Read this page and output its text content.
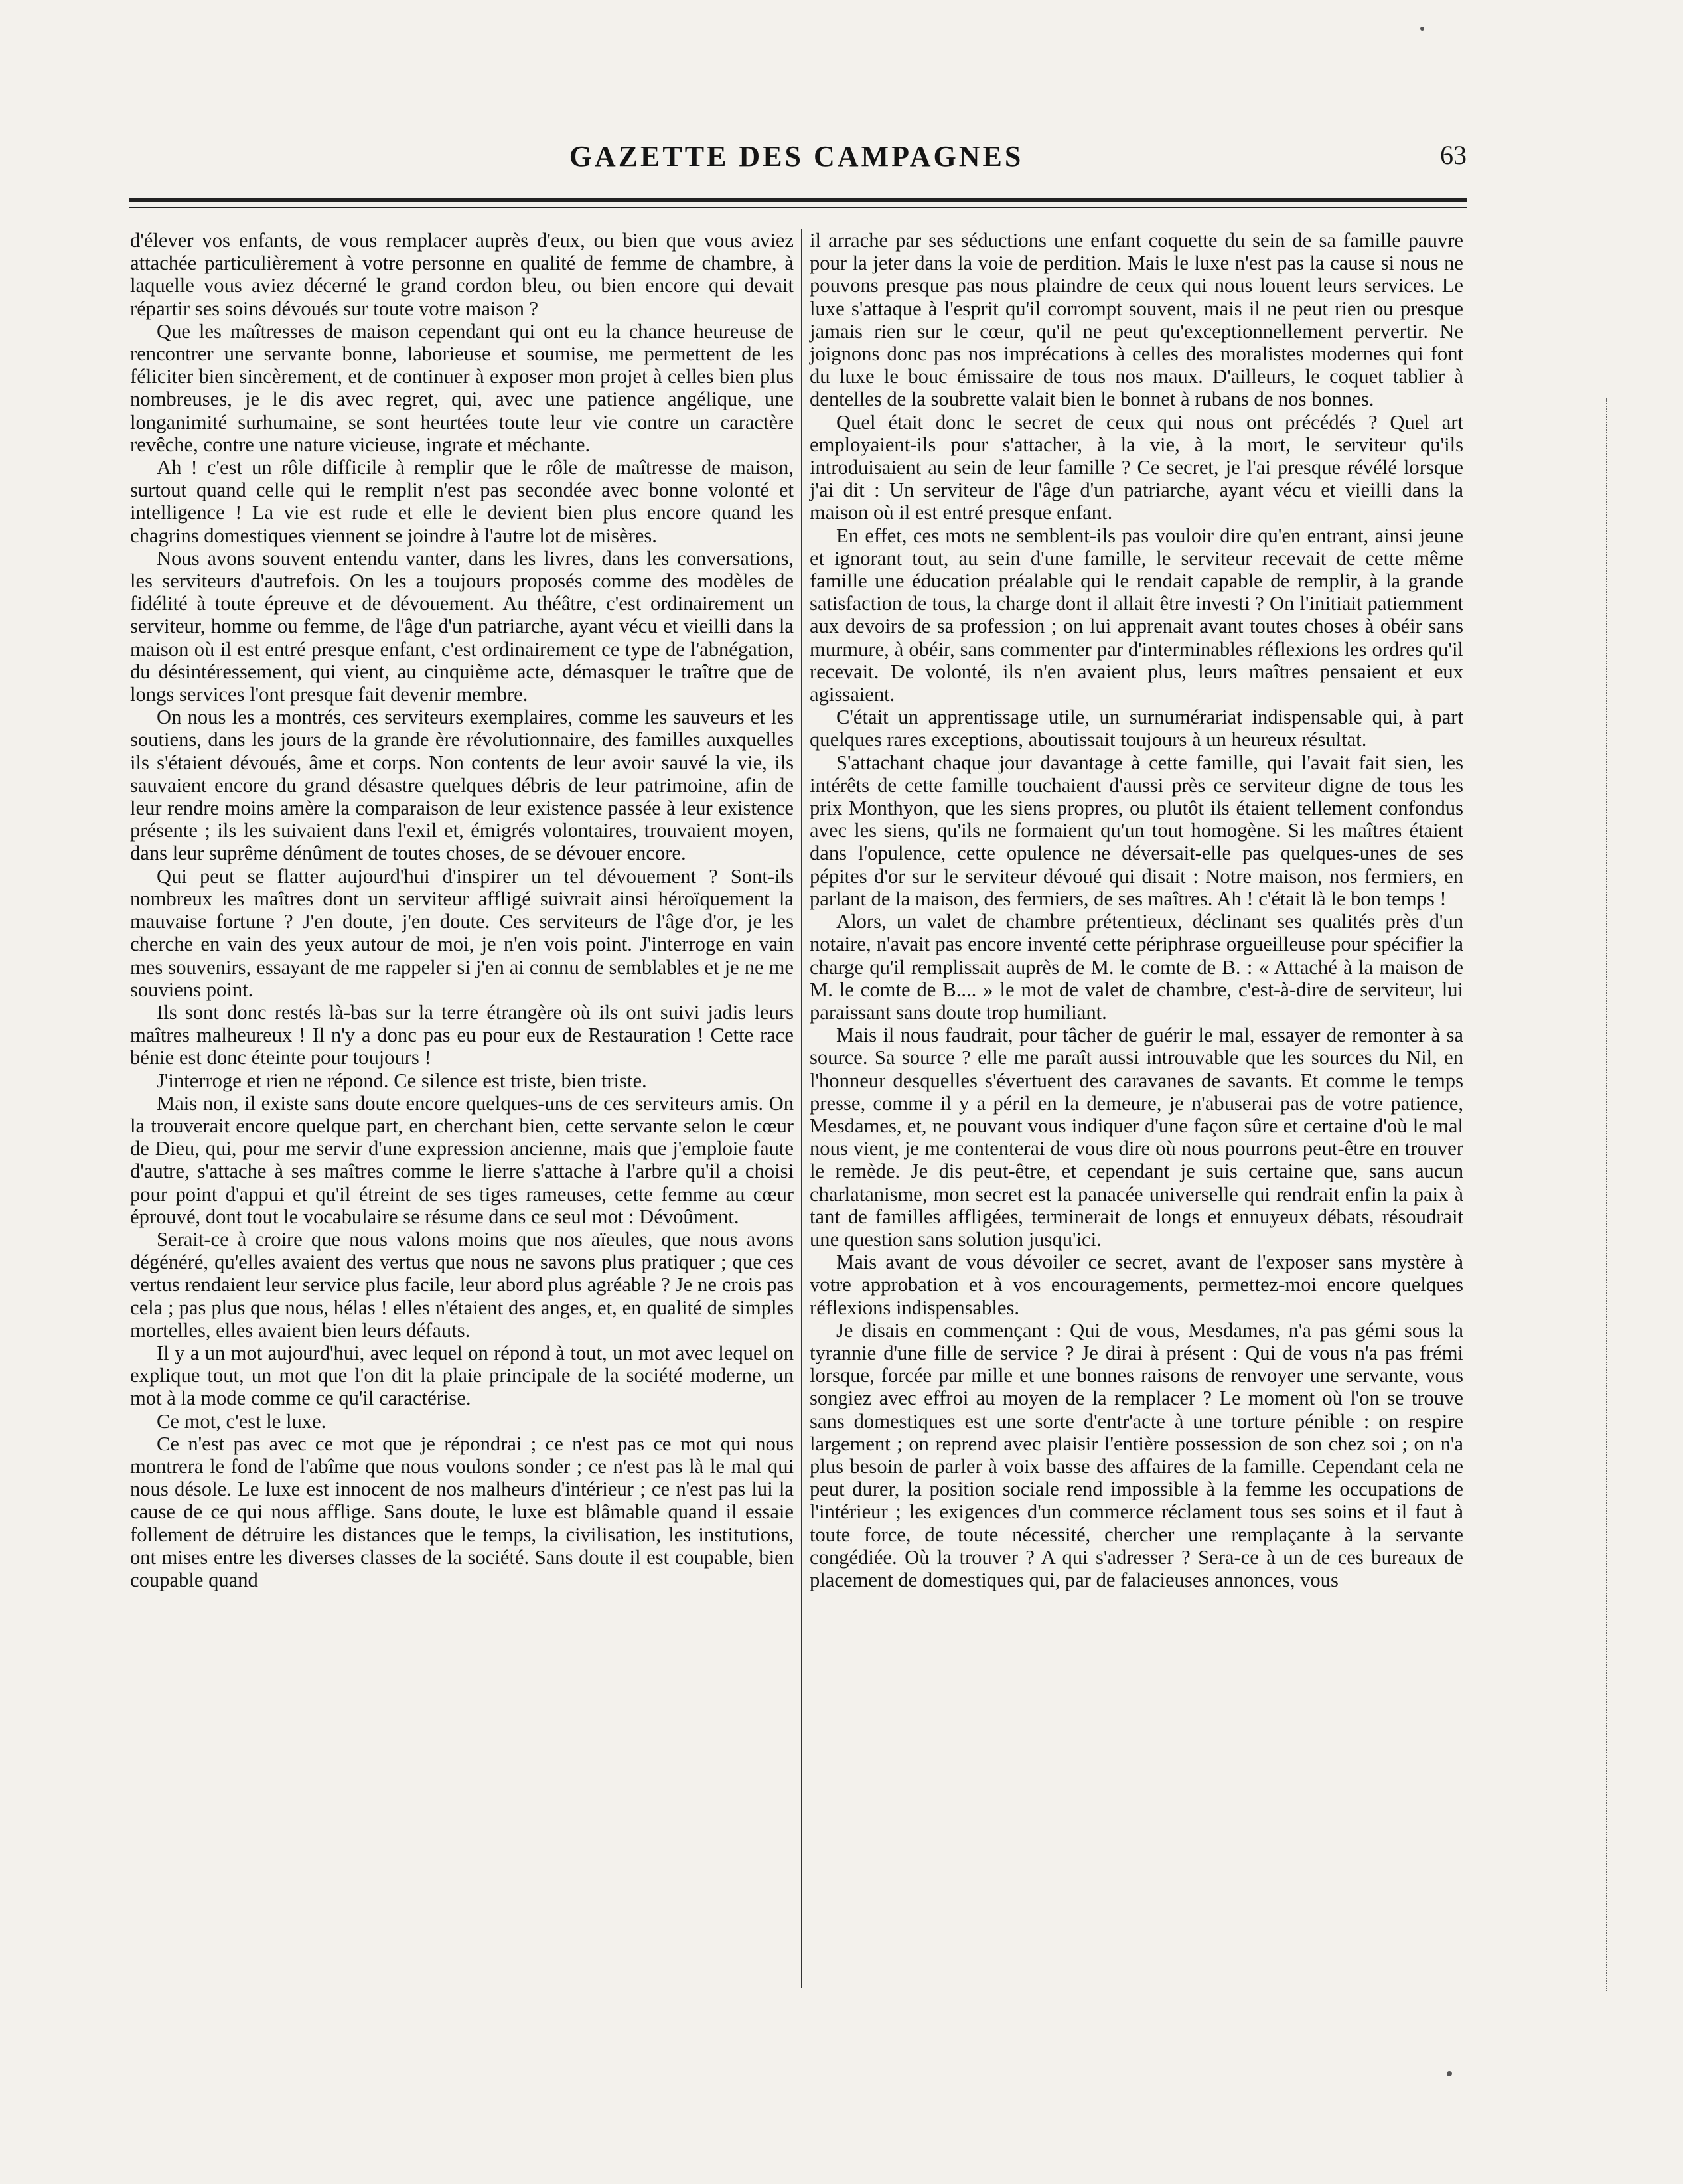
GAZETTE DES CAMPAGNES	63

d'élever vos enfants, de vous remplacer auprès d'eux, ou bien que vous aviez attachée particulièrement à votre personne en qualité de femme de chambre, à laquelle vous aviez décerné le grand cordon bleu, ou bien encore qui devait répartir ses soins dévoués sur toute votre maison ?

Que les maîtresses de maison cependant qui ont eu la chance heureuse de rencontrer une servante bonne, laborieuse et soumise, me permettent de les féliciter bien sincèrement, et de continuer à exposer mon projet à celles bien plus nombreuses, je le dis avec regret, qui, avec une patience angélique, une longanimité surhumaine, se sont heurtées toute leur vie contre un caractère revêche, contre une nature vicieuse, ingrate et méchante.

Ah ! c'est un rôle difficile à remplir que le rôle de maîtresse de maison, surtout quand celle qui le remplit n'est pas secondée avec bonne volonté et intelligence ! La vie est rude et elle le devient bien plus encore quand les chagrins domestiques viennent se joindre à l'autre lot de misères.

Nous avons souvent entendu vanter, dans les livres, dans les conversations, les serviteurs d'autrefois. On les a toujours proposés comme des modèles de fidélité à toute épreuve et de dévouement. Au théâtre, c'est ordinairement un serviteur, homme ou femme, de l'âge d'un patriarche, ayant vécu et vieilli dans la maison où il est entré presque enfant, c'est ordinairement ce type de l'abnégation, du désintéressement, qui vient, au cinquième acte, démasquer le traître que de longs services l'ont presque fait devenir membre.

On nous les a montrés, ces serviteurs exemplaires, comme les sauveurs et les soutiens, dans les jours de la grande ère révolutionnaire, des familles auxquelles ils s'étaient dévoués, âme et corps. Non contents de leur avoir sauvé la vie, ils sauvaient encore du grand désastre quelques débris de leur patrimoine, afin de leur rendre moins amère la comparaison de leur existence passée à leur existence présente ; ils les suivaient dans l'exil et, émigrés volontaires, trouvaient moyen, dans leur suprême dénûment de toutes choses, de se dévouer encore.

Qui peut se flatter aujourd'hui d'inspirer un tel dévouement ? Sont-ils nombreux les maîtres dont un serviteur affligé suivrait ainsi héroïquement la mauvaise fortune ? J'en doute, j'en doute. Ces serviteurs de l'âge d'or, je les cherche en vain des yeux autour de moi, je n'en vois point. J'interroge en vain mes souvenirs, essayant de me rappeler si j'en ai connu de semblables et je ne me souviens point.

Ils sont donc restés là-bas sur la terre étrangère où ils ont suivi jadis leurs maîtres malheureux ! Il n'y a donc pas eu pour eux de Restauration ! Cette race bénie est donc éteinte pour toujours !

J'interroge et rien ne répond. Ce silence est triste, bien triste.

Mais non, il existe sans doute encore quelques-uns de ces serviteurs amis. On la trouverait encore quelque part, en cherchant bien, cette servante selon le cœur de Dieu, qui, pour me servir d'une expression ancienne, mais que j'emploie faute d'autre, s'attache à ses maîtres comme le lierre s'attache à l'arbre qu'il a choisi pour point d'appui et qu'il étreint de ses tiges rameuses, cette femme au cœur éprouvé, dont tout le vocabulaire se résume dans ce seul mot : Dévoûment.

Serait-ce à croire que nous valons moins que nos aïeules, que nous avons dégénéré, qu'elles avaient des vertus que nous ne savons plus pratiquer ; que ces vertus rendaient leur service plus facile, leur abord plus agréable ? Je ne crois pas cela ; pas plus que nous, hélas ! elles n'étaient des anges, et, en qualité de simples mortelles, elles avaient bien leurs défauts.

Il y a un mot aujourd'hui, avec lequel on répond à tout, un mot avec lequel on explique tout, un mot que l'on dit la plaie principale de la société moderne, un mot à la mode comme ce qu'il caractérise.

Ce mot, c'est le luxe.

Ce n'est pas avec ce mot que je répondrai ; ce n'est pas ce mot qui nous montrera le fond de l'abîme que nous voulons sonder ; ce n'est pas là le mal qui nous désole. Le luxe est innocent de nos malheurs d'intérieur ; ce n'est pas lui la cause de ce qui nous afflige. Sans doute, le luxe est blâmable quand il essaie follement de détruire les distances que le temps, la civilisation, les institutions, ont mises entre les diverses classes de la société. Sans doute il est coupable, bien coupable quand

il arrache par ses séductions une enfant coquette du sein de sa famille pauvre pour la jeter dans la voie de perdition. Mais le luxe n'est pas la cause si nous ne pouvons presque pas nous plaindre de ceux qui nous louent leurs services. Le luxe s'attaque à l'esprit qu'il corrompt souvent, mais il ne peut rien ou presque jamais rien sur le cœur, qu'il ne peut qu'exceptionnellement pervertir. Ne joignons donc pas nos imprécations à celles des moralistes modernes qui font du luxe le bouc émissaire de tous nos maux. D'ailleurs, le coquet tablier à dentelles de la soubrette valait bien le bonnet à rubans de nos bonnes.

Quel était donc le secret de ceux qui nous ont précédés ? Quel art employaient-ils pour s'attacher, à la vie, à la mort, le serviteur qu'ils introduisaient au sein de leur famille ? Ce secret, je l'ai presque révélé lorsque j'ai dit : Un serviteur de l'âge d'un patriarche, ayant vécu et vieilli dans la maison où il est entré presque enfant.

En effet, ces mots ne semblent-ils pas vouloir dire qu'en entrant, ainsi jeune et ignorant tout, au sein d'une famille, le serviteur recevait de cette même famille une éducation préalable qui le rendait capable de remplir, à la grande satisfaction de tous, la charge dont il allait être investi ? On l'initiait patiemment aux devoirs de sa profession ; on lui apprenait avant toutes choses à obéir sans murmure, à obéir, sans commenter par d'interminables réflexions les ordres qu'il recevait. De volonté, ils n'en avaient plus, leurs maîtres pensaient et eux agissaient.

C'était un apprentissage utile, un surnumérariat indispensable qui, à part quelques rares exceptions, aboutissait toujours à un heureux résultat.

S'attachant chaque jour davantage à cette famille, qui l'avait fait sien, les intérêts de cette famille touchaient d'aussi près ce serviteur digne de tous les prix Monthyon, que les siens propres, ou plutôt ils étaient tellement confondus avec les siens, qu'ils ne formaient qu'un tout homogène. Si les maîtres étaient dans l'opulence, cette opulence ne déversait-elle pas quelques-unes de ses pépites d'or sur le serviteur dévoué qui disait : Notre maison, nos fermiers, en parlant de la maison, des fermiers, de ses maîtres. Ah ! c'était là le bon temps !

Alors, un valet de chambre prétentieux, déclinant ses qualités près d'un notaire, n'avait pas encore inventé cette périphrase orgueilleuse pour spécifier la charge qu'il remplissait auprès de M. le comte de B. : « Attaché à la maison de M. le comte de B.... » le mot de valet de chambre, c'est-à-dire de serviteur, lui paraissant sans doute trop humiliant.

Mais il nous faudrait, pour tâcher de guérir le mal, essayer de remonter à sa source. Sa source ? elle me paraît aussi introuvable que les sources du Nil, en l'honneur desquelles s'évertuent des caravanes de savants. Et comme le temps presse, comme il y a péril en la demeure, je n'abuserai pas de votre patience, Mesdames, et, ne pouvant vous indiquer d'une façon sûre et certaine d'où le mal nous vient, je me contenterai de vous dire où nous pourrons peut-être en trouver le remède. Je dis peut-être, et cependant je suis certaine que, sans aucun charlatanisme, mon secret est la panacée universelle qui rendrait enfin la paix à tant de familles affligées, terminerait de longs et ennuyeux débats, résoudrait une question sans solution jusqu'ici.

Mais avant de vous dévoiler ce secret, avant de l'exposer sans mystère à votre approbation et à vos encouragements, permettez-moi encore quelques réflexions indispensables.

Je disais en commençant : Qui de vous, Mesdames, n'a pas gémi sous la tyrannie d'une fille de service ? Je dirai à présent : Qui de vous n'a pas frémi lorsque, forcée par mille et une bonnes raisons de renvoyer une servante, vous songiez avec effroi au moyen de la remplacer ? Le moment où l'on se trouve sans domestiques est une sorte d'entr'acte à une torture pénible : on respire largement ; on reprend avec plaisir l'entière possession de son chez soi ; on n'a plus besoin de parler à voix basse des affaires de la famille. Cependant cela ne peut durer, la position sociale rend impossible à la femme les occupations de l'intérieur ; les exigences d'un commerce réclament tous ses soins et il faut à toute force, de toute nécessité, chercher une remplaçante à la servante congédiée. Où la trouver ? A qui s'adresser ? Sera-ce à un de ces bureaux de placement de domestiques qui, par de falacieuses annonces, vous
